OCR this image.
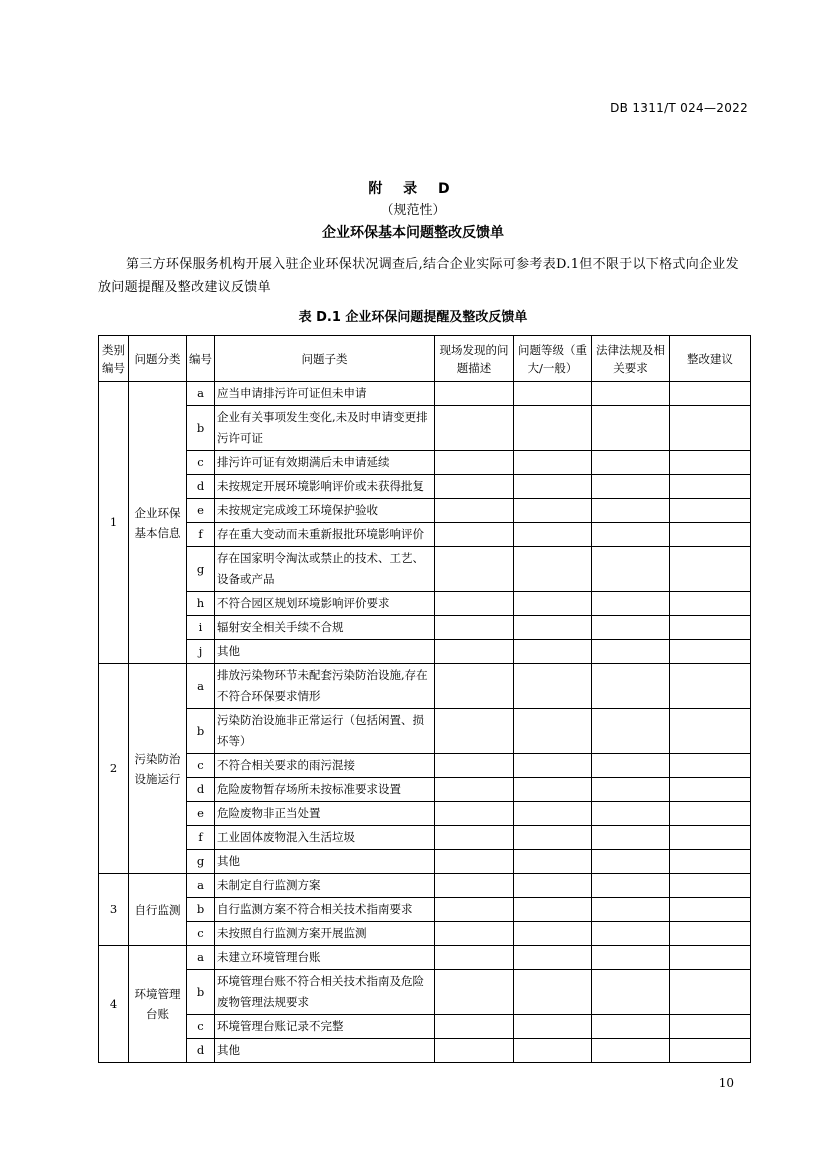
DB 1311/T 024—2022
附 录 D
（规范性）
企业环保基本问题整改反馈单

第三方环保服务机构开展入驻企业环保状况调查后,结合企业实际可参考表D.1但不限于以下格式向企业发放问题提醒及整改建议反馈单

表 D.1 企业环保问题提醒及整改反馈单
类别编号	问题分类	编号	问题子类	现场发现的问题描述	问题等级（重大/一般）	法律法规及相关要求	整改建议
1	企业环保基本信息	a	应当申请排污许可证但未申请				
		b	企业有关事项发生变化,未及时申请变更排污许可证				
		c	排污许可证有效期满后未申请延续				
		d	未按规定开展环境影响评价或未获得批复				
		e	未按规定完成竣工环境保护验收				
		f	存在重大变动而未重新报批环境影响评价				
		g	存在国家明令淘汰或禁止的技术、工艺、设备或产品				
		h	不符合园区规划环境影响评价要求				
		i	辐射安全相关手续不合规				
		j	其他				
2	污染防治设施运行	a	排放污染物环节未配套污染防治设施,存在不符合环保要求情形				
		b	污染防治设施非正常运行（包括闲置、损坏等）				
		c	不符合相关要求的雨污混接				
		d	危险废物暂存场所未按标准要求设置				
		e	危险废物非正当处置				
		f	工业固体废物混入生活垃圾				
		g	其他				
3	自行监测	a	未制定自行监测方案				
		b	自行监测方案不符合相关技术指南要求				
		c	未按照自行监测方案开展监测				
4	环境管理台账	a	未建立环境管理台账				
		b	环境管理台账不符合相关技术指南及危险废物管理法规要求				
		c	环境管理台账记录不完整				
		d	其他				
10
